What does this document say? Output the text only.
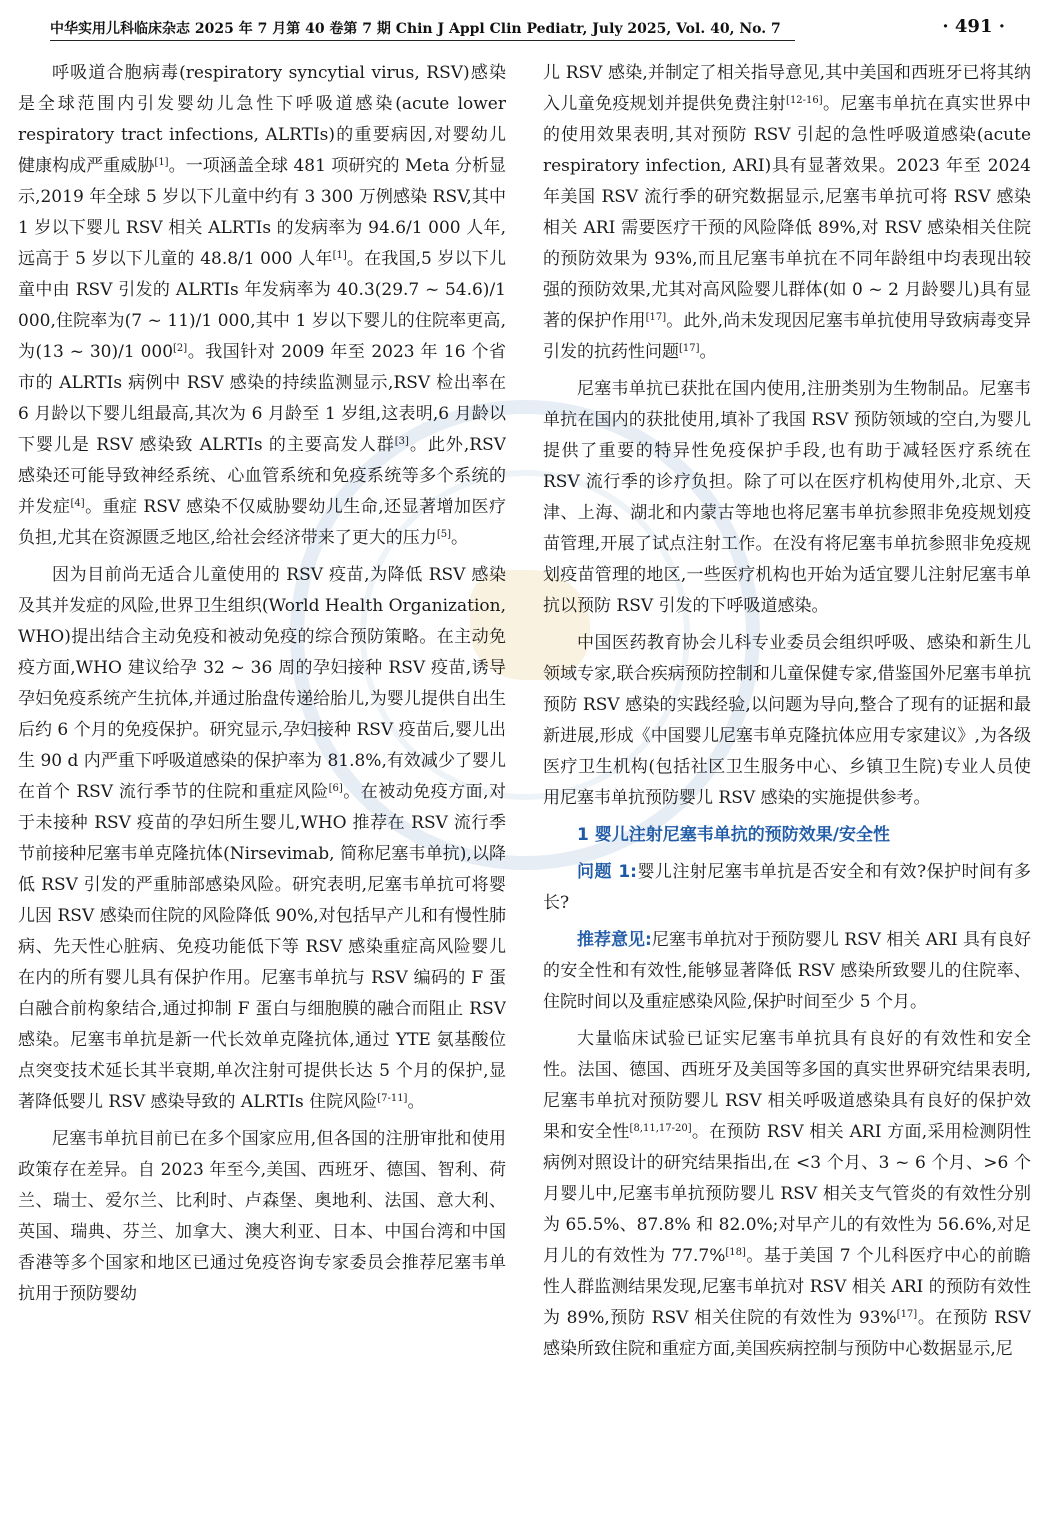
中华实用儿科临床杂志 2025 年 7 月第 40 卷第 7 期 Chin J Appl Clin Pediatr, July 2025, Vol. 40, No. 7	· 491 ·

呼吸道合胞病毒(respiratory syncytial virus, RSV)感染是全球范围内引发婴幼儿急性下呼吸道感染(acute lower respiratory tract infections, ALRTIs)的重要病因,对婴幼儿健康构成严重威胁[1]。一项涵盖全球 481 项研究的 Meta 分析显示,2019 年全球 5 岁以下儿童中约有 3 300 万例感染 RSV,其中 1 岁以下婴儿 RSV 相关 ALRTIs 的发病率为 94.6/1 000 人年,远高于 5 岁以下儿童的 48.8/1 000 人年[1]。在我国,5 岁以下儿童中由 RSV 引发的 ALRTIs 年发病率为 40.3(29.7 ~ 54.6)/1 000,住院率为(7 ~ 11)/1 000,其中 1 岁以下婴儿的住院率更高,为(13 ~ 30)/1 000[2]。我国针对 2009 年至 2023 年 16 个省市的 ALRTIs 病例中 RSV 感染的持续监测显示,RSV 检出率在 6 月龄以下婴儿组最高,其次为 6 月龄至 1 岁组,这表明,6 月龄以下婴儿是 RSV 感染致 ALRTIs 的主要高发人群[3]。此外,RSV 感染还可能导致神经系统、心血管系统和免疫系统等多个系统的并发症[4]。重症 RSV 感染不仅威胁婴幼儿生命,还显著增加医疗负担,尤其在资源匮乏地区,给社会经济带来了更大的压力[5]。

因为目前尚无适合儿童使用的 RSV 疫苗,为降低 RSV 感染及其并发症的风险,世界卫生组织(World Health Organization, WHO)提出结合主动免疫和被动免疫的综合预防策略。在主动免疫方面,WHO 建议给孕 32 ~ 36 周的孕妇接种 RSV 疫苗,诱导孕妇免疫系统产生抗体,并通过胎盘传递给胎儿,为婴儿提供自出生后约 6 个月的免疫保护。研究显示,孕妇接种 RSV 疫苗后,婴儿出生 90 d 内严重下呼吸道感染的保护率为 81.8%,有效减少了婴儿在首个 RSV 流行季节的住院和重症风险[6]。在被动免疫方面,对于未接种 RSV 疫苗的孕妇所生婴儿,WHO 推荐在 RSV 流行季节前接种尼塞韦单克隆抗体(Nirsevimab, 简称尼塞韦单抗),以降低 RSV 引发的严重肺部感染风险。研究表明,尼塞韦单抗可将婴儿因 RSV 感染而住院的风险降低 90%,对包括早产儿和有慢性肺病、先天性心脏病、免疫功能低下等 RSV 感染重症高风险婴儿在内的所有婴儿具有保护作用。尼塞韦单抗与 RSV 编码的 F 蛋白融合前构象结合,通过抑制 F 蛋白与细胞膜的融合而阻止 RSV 感染。尼塞韦单抗是新一代长效单克隆抗体,通过 YTE 氨基酸位点突变技术延长其半衰期,单次注射可提供长达 5 个月的保护,显著降低婴儿 RSV 感染导致的 ALRTIs 住院风险[7-11]。

尼塞韦单抗目前已在多个国家应用,但各国的注册审批和使用政策存在差异。自 2023 年至今,美国、西班牙、德国、智利、荷兰、瑞士、爱尔兰、比利时、卢森堡、奥地利、法国、意大利、英国、瑞典、芬兰、加拿大、澳大利亚、日本、中国台湾和中国香港等多个国家和地区已通过免疫咨询专家委员会推荐尼塞韦单抗用于预防婴幼

儿 RSV 感染,并制定了相关指导意见,其中美国和西班牙已将其纳入儿童免疫规划并提供免费注射[12-16]。尼塞韦单抗在真实世界中的使用效果表明,其对预防 RSV 引起的急性呼吸道感染(acute respiratory infection, ARI)具有显著效果。2023 年至 2024 年美国 RSV 流行季的研究数据显示,尼塞韦单抗可将 RSV 感染相关 ARI 需要医疗干预的风险降低 89%,对 RSV 感染相关住院的预防效果为 93%,而且尼塞韦单抗在不同年龄组中均表现出较强的预防效果,尤其对高风险婴儿群体(如 0 ~ 2 月龄婴儿)具有显著的保护作用[17]。此外,尚未发现因尼塞韦单抗使用导致病毒变异引发的抗药性问题[17]。

尼塞韦单抗已获批在国内使用,注册类别为生物制品。尼塞韦单抗在国内的获批使用,填补了我国 RSV 预防领域的空白,为婴儿提供了重要的特异性免疫保护手段,也有助于减轻医疗系统在 RSV 流行季的诊疗负担。除了可以在医疗机构使用外,北京、天津、上海、湖北和内蒙古等地也将尼塞韦单抗参照非免疫规划疫苗管理,开展了试点注射工作。在没有将尼塞韦单抗参照非免疫规划疫苗管理的地区,一些医疗机构也开始为适宜婴儿注射尼塞韦单抗以预防 RSV 引发的下呼吸道感染。

中国医药教育协会儿科专业委员会组织呼吸、感染和新生儿领域专家,联合疾病预防控制和儿童保健专家,借鉴国外尼塞韦单抗预防 RSV 感染的实践经验,以问题为导向,整合了现有的证据和最新进展,形成《中国婴儿尼塞韦单克隆抗体应用专家建议》,为各级医疗卫生机构(包括社区卫生服务中心、乡镇卫生院)专业人员使用尼塞韦单抗预防婴儿 RSV 感染的实施提供参考。

1 婴儿注射尼塞韦单抗的预防效果/安全性

问题 1:婴儿注射尼塞韦单抗是否安全和有效?保护时间有多长?

推荐意见:尼塞韦单抗对于预防婴儿 RSV 相关 ARI 具有良好的安全性和有效性,能够显著降低 RSV 感染所致婴儿的住院率、住院时间以及重症感染风险,保护时间至少 5 个月。

大量临床试验已证实尼塞韦单抗具有良好的有效性和安全性。法国、德国、西班牙及美国等多国的真实世界研究结果表明,尼塞韦单抗对预防婴儿 RSV 相关呼吸道感染具有良好的保护效果和安全性[8,11,17-20]。在预防 RSV 相关 ARI 方面,采用检测阴性病例对照设计的研究结果指出,在 <3 个月、3 ~ 6 个月、>6 个月婴儿中,尼塞韦单抗预防婴儿 RSV 相关支气管炎的有效性分别为 65.5%、87.8% 和 82.0%;对早产儿的有效性为 56.6%,对足月儿的有效性为 77.7%[18]。基于美国 7 个儿科医疗中心的前瞻性人群监测结果发现,尼塞韦单抗对 RSV 相关 ARI 的预防有效性为 89%,预防 RSV 相关住院的有效性为 93%[17]。在预防 RSV 感染所致住院和重症方面,美国疾病控制与预防中心数据显示,尼
